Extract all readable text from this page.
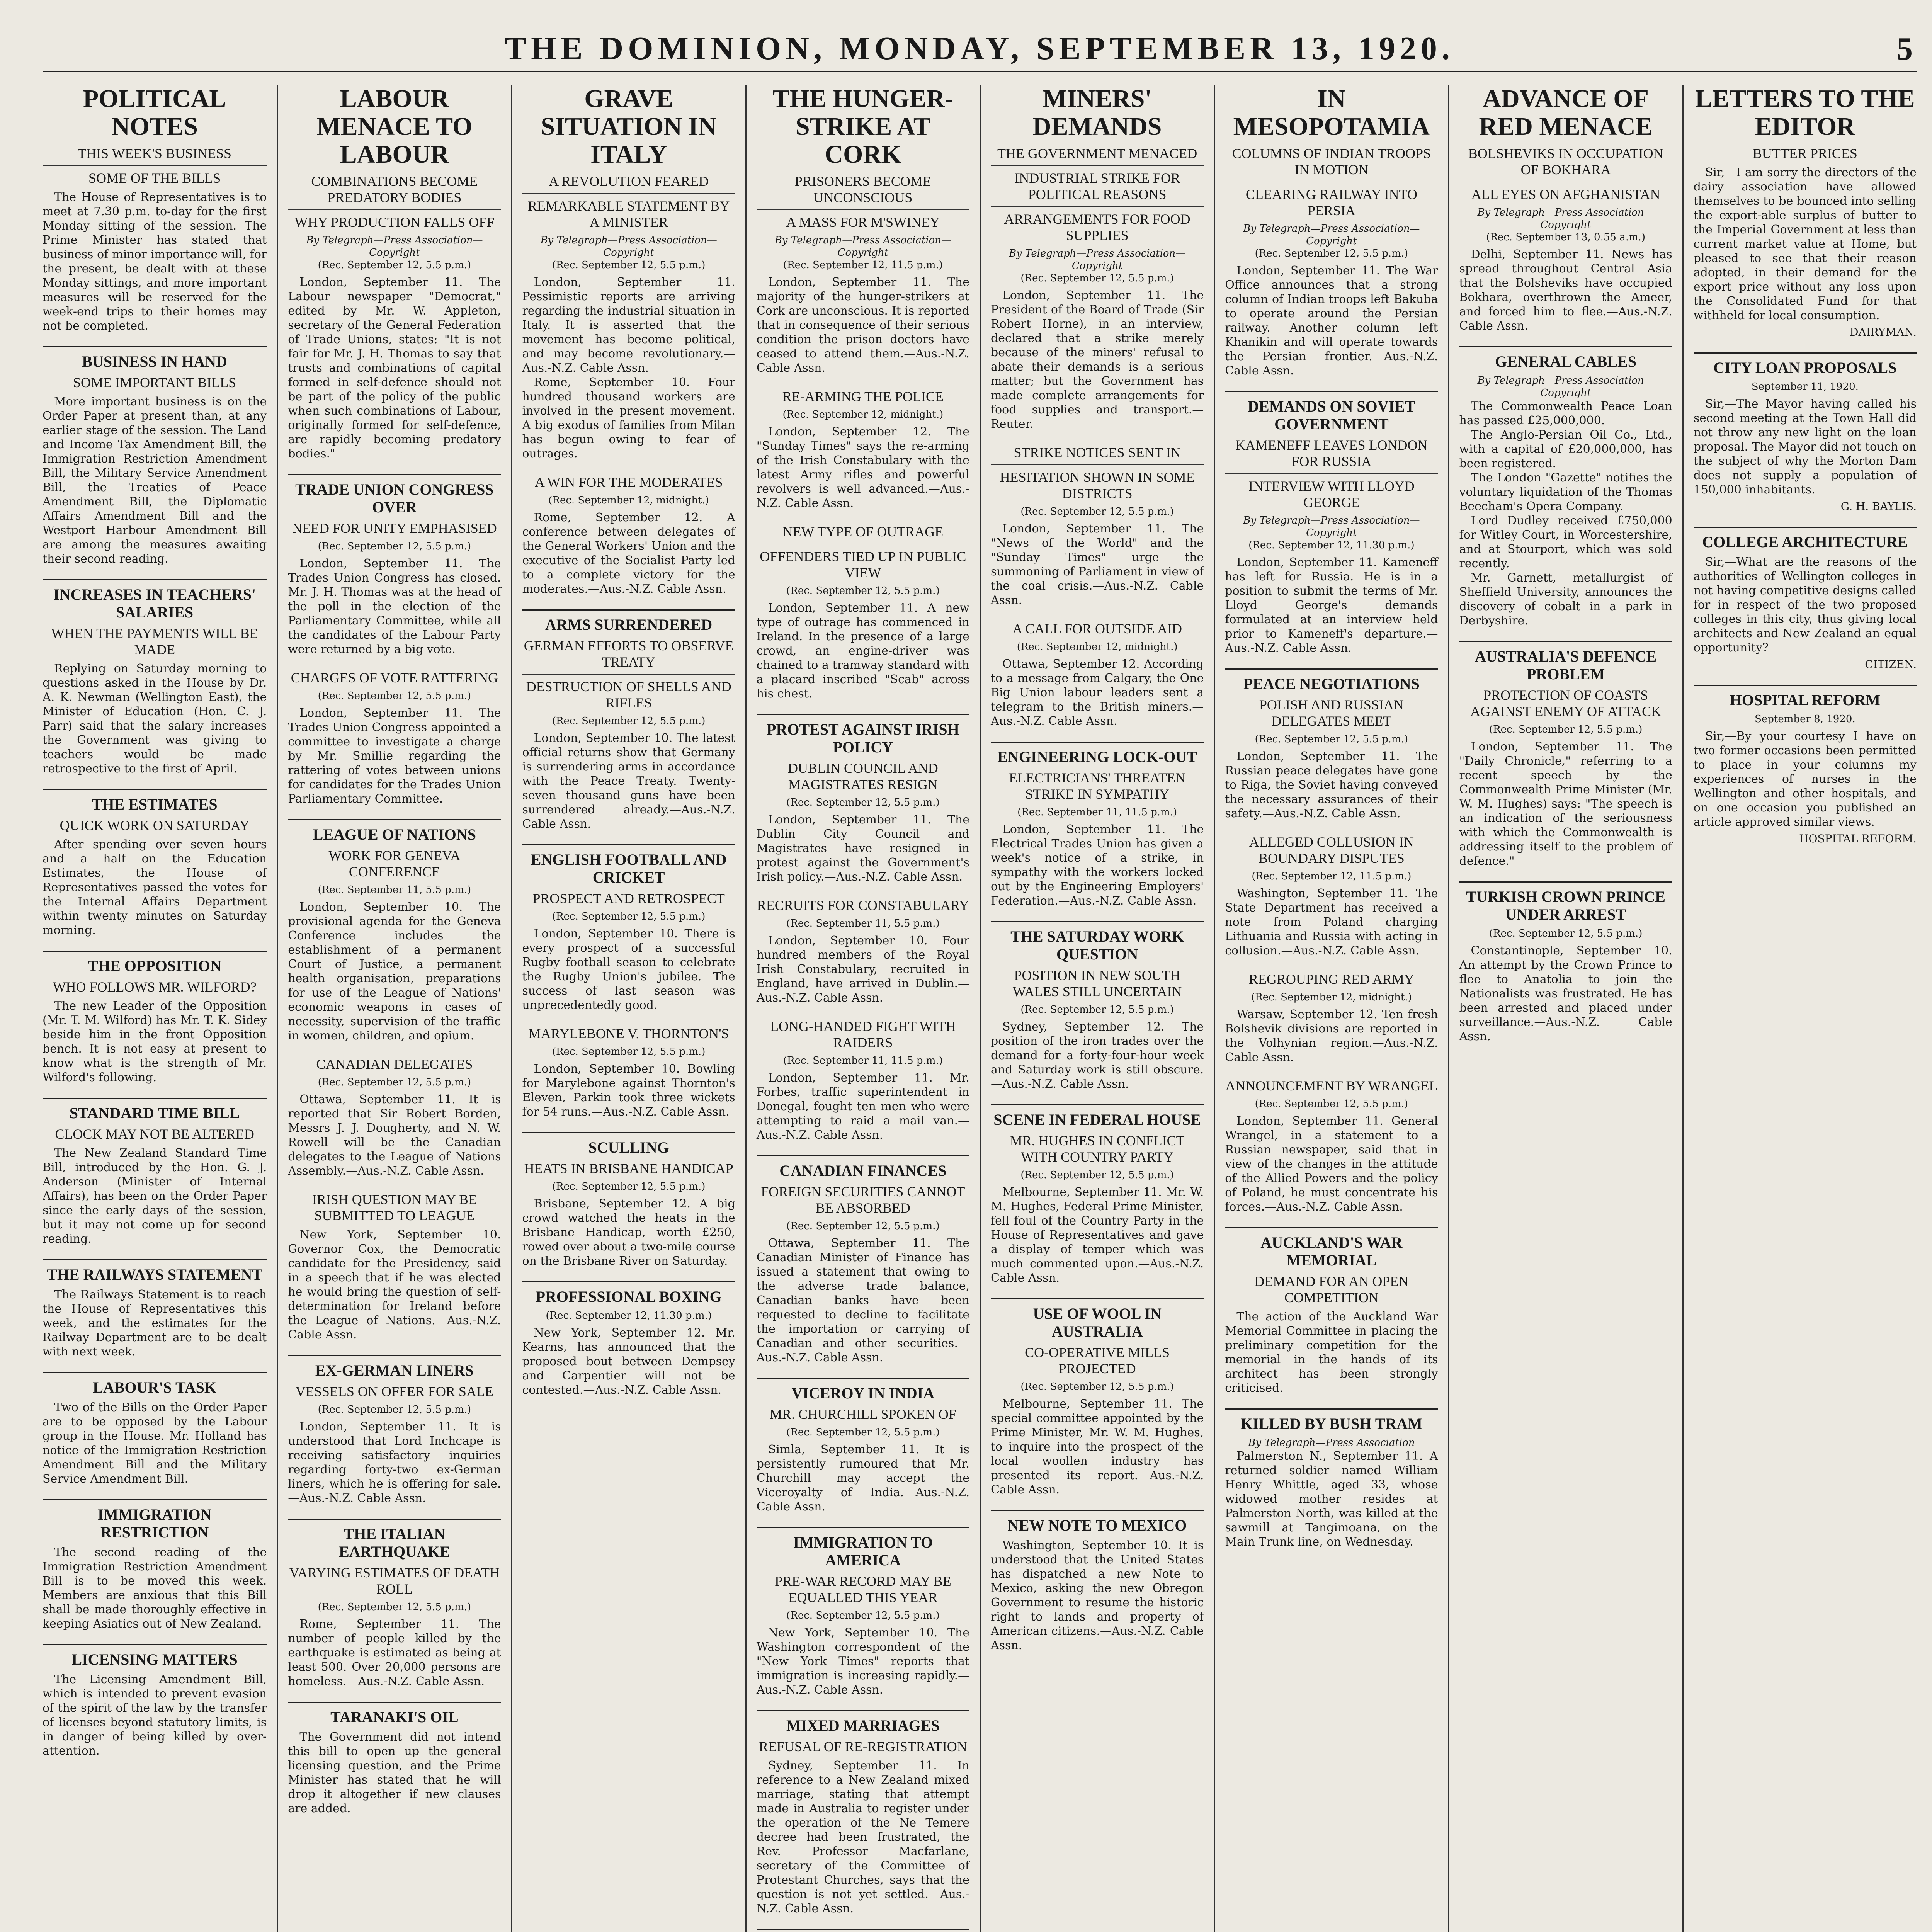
THE DOMINION, MONDAY, SEPTEMBER 13, 1920.	5
POLITICAL NOTES
THIS WEEK'S BUSINESS
SOME OF THE BILLS

The House of Representatives is to meet at 7.30 p.m. to-day for the first Monday sitting of the session. The Prime Minister has stated that business of minor importance will, for the present, be dealt with at these Monday sittings, and more important measures will be reserved for the week-end trips to their homes may not be completed.

BUSINESS IN HAND
SOME IMPORTANT BILLS

More important business is on the Order Paper at present than, at any earlier stage of the session. The Land and Income Tax Amendment Bill, the Immigration Restriction Amendment Bill, the Military Service Amendment Bill, the Treaties of Peace Amendment Bill, the Diplomatic Affairs Amendment Bill and the Westport Harbour Amendment Bill are among the measures awaiting their second reading.

INCREASES IN TEACHERS' SALARIES
WHEN THE PAYMENTS WILL BE MADE

Replying on Saturday morning to questions asked in the House by Dr. A. K. Newman (Wellington East), the Minister of Education (Hon. C. J. Parr) said that the salary increases the Government was giving to teachers would be made retrospective to the first of April.

THE ESTIMATES
QUICK WORK ON SATURDAY

After spending over seven hours and a half on the Education Estimates, the House of Representatives passed the votes for the Internal Affairs Department within twenty minutes on Saturday morning.

THE OPPOSITION
WHO FOLLOWS MR. WILFORD?

The new Leader of the Opposition (Mr. T. M. Wilford) has Mr. T. K. Sidey beside him in the front Opposition bench. It is not easy at present to know what is the strength of Mr. Wilford's following.

STANDARD TIME BILL
CLOCK MAY NOT BE ALTERED

The New Zealand Standard Time Bill, introduced by the Hon. G. J. Anderson (Minister of Internal Affairs), has been on the Order Paper since the early days of the session, but it may not come up for second reading.

THE RAILWAYS STATEMENT

The Railways Statement is to reach the House of Representatives this week, and the estimates for the Railway Department are to be dealt with next week.

LABOUR'S TASK

Two of the Bills on the Order Paper are to be opposed by the Labour group in the House. Mr. Holland has notice of the Immigration Restriction Amendment Bill and the Military Service Amendment Bill.

IMMIGRATION RESTRICTION

The second reading of the Immigration Restriction Amendment Bill is to be moved this week. Members are anxious that this Bill shall be made thoroughly effective in keeping Asiatics out of New Zealand.

LICENSING MATTERS

The Licensing Amendment Bill, which is intended to prevent evasion of the spirit of the law by the transfer of licenses beyond statutory limits, is in danger of being killed by over-attention.

LABOUR MENACE TO LABOUR
COMBINATIONS BECOME PREDATORY BODIES
WHY PRODUCTION FALLS OFF
By Telegraph—Press Association—Copyright
(Rec. September 12, 5.5 p.m.)

London, September 11. The Labour newspaper "Democrat," edited by Mr. W. Appleton, secretary of the General Federation of Trade Unions, states: "It is not fair for Mr. J. H. Thomas to say that trusts and combinations of capital formed in self-defence should not be part of the policy of the public when such combinations of Labour, originally formed for self-defence, are rapidly becoming predatory bodies."

TRADE UNION CONGRESS OVER
NEED FOR UNITY EMPHASISED
(Rec. September 12, 5.5 p.m.)

London, September 11. The Trades Union Congress has closed. Mr. J. H. Thomas was at the head of the poll in the election of the Parliamentary Committee, while all the candidates of the Labour Party were returned by a big vote.

CHARGES OF VOTE RATTERING
(Rec. September 12, 5.5 p.m.)

London, September 11. The Trades Union Congress appointed a committee to investigate a charge by Mr. Smillie regarding the rattering of votes between unions for candidates for the Trades Union Parliamentary Committee.

LEAGUE OF NATIONS
WORK FOR GENEVA CONFERENCE
(Rec. September 11, 5.5 p.m.)

London, September 10. The provisional agenda for the Geneva Conference includes the establishment of a permanent Court of Justice, a permanent health organisation, preparations for use of the League of Nations' economic weapons in cases of necessity, supervision of the traffic in women, children, and opium.

CANADIAN DELEGATES
(Rec. September 12, 5.5 p.m.)

Ottawa, September 11. It is reported that Sir Robert Borden, Messrs J. J. Dougherty, and N. W. Rowell will be the Canadian delegates to the League of Nations Assembly.—Aus.-N.Z. Cable Assn.

IRISH QUESTION MAY BE SUBMITTED TO LEAGUE

New York, September 10. Governor Cox, the Democratic candidate for the Presidency, said in a speech that if he was elected he would bring the question of self-determination for Ireland before the League of Nations.—Aus.-N.Z. Cable Assn.

EX-GERMAN LINERS
VESSELS ON OFFER FOR SALE
(Rec. September 12, 5.5 p.m.)

London, September 11. It is understood that Lord Inchcape is receiving satisfactory inquiries regarding forty-two ex-German liners, which he is offering for sale.—Aus.-N.Z. Cable Assn.

THE ITALIAN EARTHQUAKE
VARYING ESTIMATES OF DEATH ROLL
(Rec. September 12, 5.5 p.m.)

Rome, September 11. The number of people killed by the earthquake is estimated as being at least 500. Over 20,000 persons are homeless.—Aus.-N.Z. Cable Assn.

TARANAKI'S OIL

The Government did not intend this bill to open up the general licensing question, and the Prime Minister has stated that he will drop it altogether if new clauses are added.

GRAVE SITUATION IN ITALY
A REVOLUTION FEARED
REMARKABLE STATEMENT BY A MINISTER
By Telegraph—Press Association—Copyright
(Rec. September 12, 5.5 p.m.)

London, September 11. Pessimistic reports are arriving regarding the industrial situation in Italy. It is asserted that the movement has become political, and may become revolutionary.—Aus.-N.Z. Cable Assn.

Rome, September 10. Four hundred thousand workers are involved in the present movement. A big exodus of families from Milan has begun owing to fear of outrages.

A WIN FOR THE MODERATES
(Rec. September 12, midnight.)

Rome, September 12. A conference between delegates of the General Workers' Union and the executive of the Socialist Party led to a complete victory for the moderates.—Aus.-N.Z. Cable Assn.

ARMS SURRENDERED
GERMAN EFFORTS TO OBSERVE TREATY
DESTRUCTION OF SHELLS AND RIFLES
(Rec. September 12, 5.5 p.m.)

London, September 10. The latest official returns show that Germany is surrendering arms in accordance with the Peace Treaty. Twenty-seven thousand guns have been surrendered already.—Aus.-N.Z. Cable Assn.

ENGLISH FOOTBALL AND CRICKET
PROSPECT AND RETROSPECT
(Rec. September 12, 5.5 p.m.)

London, September 10. There is every prospect of a successful Rugby football season to celebrate the Rugby Union's jubilee. The success of last season was unprecedentedly good.

MARYLEBONE V. THORNTON'S
(Rec. September 12, 5.5 p.m.)

London, September 10. Bowling for Marylebone against Thornton's Eleven, Parkin took three wickets for 54 runs.—Aus.-N.Z. Cable Assn.

SCULLING
HEATS IN BRISBANE HANDICAP
(Rec. September 12, 5.5 p.m.)

Brisbane, September 12. A big crowd watched the heats in the Brisbane Handicap, worth £250, rowed over about a two-mile course on the Brisbane River on Saturday.

PROFESSIONAL BOXING
(Rec. September 12, 11.30 p.m.)

New York, September 12. Mr. Kearns, has announced that the proposed bout between Dempsey and Carpentier will not be contested.—Aus.-N.Z. Cable Assn.

THE HUNGER-STRIKE AT CORK
PRISONERS BECOME UNCONSCIOUS
A MASS FOR M'SWINEY
By Telegraph—Press Association—Copyright
(Rec. September 12, 11.5 p.m.)

London, September 11. The majority of the hunger-strikers at Cork are unconscious. It is reported that in consequence of their serious condition the prison doctors have ceased to attend them.—Aus.-N.Z. Cable Assn.

RE-ARMING THE POLICE
(Rec. September 12, midnight.)

London, September 12. The "Sunday Times" says the re-arming of the Irish Constabulary with the latest Army rifles and powerful revolvers is well advanced.—Aus.-N.Z. Cable Assn.

NEW TYPE OF OUTRAGE
OFFENDERS TIED UP IN PUBLIC VIEW
(Rec. September 12, 5.5 p.m.)

London, September 11. A new type of outrage has commenced in Ireland. In the presence of a large crowd, an engine-driver was chained to a tramway standard with a placard inscribed "Scab" across his chest.

PROTEST AGAINST IRISH POLICY
DUBLIN COUNCIL AND MAGISTRATES RESIGN
(Rec. September 12, 5.5 p.m.)

London, September 11. The Dublin City Council and Magistrates have resigned in protest against the Government's Irish policy.—Aus.-N.Z. Cable Assn.

RECRUITS FOR CONSTABULARY
(Rec. September 11, 5.5 p.m.)

London, September 10. Four hundred members of the Royal Irish Constabulary, recruited in England, have arrived in Dublin.—Aus.-N.Z. Cable Assn.

LONG-HANDED FIGHT WITH RAIDERS
(Rec. September 11, 11.5 p.m.)

London, September 11. Mr. Forbes, traffic superintendent in Donegal, fought ten men who were attempting to raid a mail van.—Aus.-N.Z. Cable Assn.

CANADIAN FINANCES
FOREIGN SECURITIES CANNOT BE ABSORBED
(Rec. September 12, 5.5 p.m.)

Ottawa, September 11. The Canadian Minister of Finance has issued a statement that owing to the adverse trade balance, Canadian banks have been requested to decline to facilitate the importation or carrying of Canadian and other securities.—Aus.-N.Z. Cable Assn.

VICEROY IN INDIA
MR. CHURCHILL SPOKEN OF
(Rec. September 12, 5.5 p.m.)

Simla, September 11. It is persistently rumoured that Mr. Churchill may accept the Viceroyalty of India.—Aus.-N.Z. Cable Assn.

IMMIGRATION TO AMERICA
PRE-WAR RECORD MAY BE EQUALLED THIS YEAR
(Rec. September 12, 5.5 p.m.)

New York, September 10. The Washington correspondent of the "New York Times" reports that immigration is increasing rapidly.—Aus.-N.Z. Cable Assn.

MIXED MARRIAGES
REFUSAL OF RE-REGISTRATION

Sydney, September 11. In reference to a New Zealand mixed marriage, stating that attempt made in Australia to register under the operation of the Ne Temere decree had been frustrated, the Rev. Professor Macfarlane, secretary of the Committee of Protestant Churches, says that the question is not yet settled.—Aus.-N.Z. Cable Assn.

MINERS' DEMANDS
THE GOVERNMENT MENACED
INDUSTRIAL STRIKE FOR POLITICAL REASONS
ARRANGEMENTS FOR FOOD SUPPLIES
By Telegraph—Press Association—Copyright
(Rec. September 12, 5.5 p.m.)

London, September 11. The President of the Board of Trade (Sir Robert Horne), in an interview, declared that a strike merely because of the miners' refusal to abate their demands is a serious matter; but the Government has made complete arrangements for food supplies and transport.—Reuter.

STRIKE NOTICES SENT IN
HESITATION SHOWN IN SOME DISTRICTS
(Rec. September 12, 5.5 p.m.)

London, September 11. The "News of the World" and the "Sunday Times" urge the summoning of Parliament in view of the coal crisis.—Aus.-N.Z. Cable Assn.

A CALL FOR OUTSIDE AID
(Rec. September 12, midnight.)

Ottawa, September 12. According to a message from Calgary, the One Big Union labour leaders sent a telegram to the British miners.—Aus.-N.Z. Cable Assn.

ENGINEERING LOCK-OUT
ELECTRICIANS' THREATEN STRIKE IN SYMPATHY
(Rec. September 11, 11.5 p.m.)

London, September 11. The Electrical Trades Union has given a week's notice of a strike, in sympathy with the workers locked out by the Engineering Employers' Federation.—Aus.-N.Z. Cable Assn.

THE SATURDAY WORK QUESTION
POSITION IN NEW SOUTH WALES STILL UNCERTAIN
(Rec. September 12, 5.5 p.m.)

Sydney, September 12. The position of the iron trades over the demand for a forty-four-hour week and Saturday work is still obscure.—Aus.-N.Z. Cable Assn.

SCENE IN FEDERAL HOUSE
MR. HUGHES IN CONFLICT WITH COUNTRY PARTY
(Rec. September 12, 5.5 p.m.)

Melbourne, September 11. Mr. W. M. Hughes, Federal Prime Minister, fell foul of the Country Party in the House of Representatives and gave a display of temper which was much commented upon.—Aus.-N.Z. Cable Assn.

USE OF WOOL IN AUSTRALIA
CO-OPERATIVE MILLS PROJECTED
(Rec. September 12, 5.5 p.m.)

Melbourne, September 11. The special committee appointed by the Prime Minister, Mr. W. M. Hughes, to inquire into the prospect of the local woollen industry has presented its report.—Aus.-N.Z. Cable Assn.

NEW NOTE TO MEXICO

Washington, September 10. It is understood that the United States has dispatched a new Note to Mexico, asking the new Obregon Government to resume the historic right to lands and property of American citizens.—Aus.-N.Z. Cable Assn.

IN MESOPOTAMIA
COLUMNS OF INDIAN TROOPS IN MOTION
CLEARING RAILWAY INTO PERSIA
By Telegraph—Press Association—Copyright
(Rec. September 12, 5.5 p.m.)

London, September 11. The War Office announces that a strong column of Indian troops left Bakuba to operate around the Persian railway. Another column left Khanikin and will operate towards the Persian frontier.—Aus.-N.Z. Cable Assn.

DEMANDS ON SOVIET GOVERNMENT
KAMENEFF LEAVES LONDON FOR RUSSIA
INTERVIEW WITH LLOYD GEORGE
By Telegraph—Press Association—Copyright
(Rec. September 12, 11.30 p.m.)

London, September 11. Kameneff has left for Russia. He is in a position to submit the terms of Mr. Lloyd George's demands formulated at an interview held prior to Kameneff's departure.—Aus.-N.Z. Cable Assn.

PEACE NEGOTIATIONS
POLISH AND RUSSIAN DELEGATES MEET
(Rec. September 12, 5.5 p.m.)

London, September 11. The Russian peace delegates have gone to Riga, the Soviet having conveyed the necessary assurances of their safety.—Aus.-N.Z. Cable Assn.

ALLEGED COLLUSION IN BOUNDARY DISPUTES
(Rec. September 12, 11.5 p.m.)

Washington, September 11. The State Department has received a note from Poland charging Lithuania and Russia with acting in collusion.—Aus.-N.Z. Cable Assn.

REGROUPING RED ARMY
(Rec. September 12, midnight.)

Warsaw, September 12. Ten fresh Bolshevik divisions are reported in the Volhynian region.—Aus.-N.Z. Cable Assn.

ANNOUNCEMENT BY WRANGEL
(Rec. September 12, 5.5 p.m.)

London, September 11. General Wrangel, in a statement to a Russian newspaper, said that in view of the changes in the attitude of the Allied Powers and the policy of Poland, he must concentrate his forces.—Aus.-N.Z. Cable Assn.

AUCKLAND'S WAR MEMORIAL
DEMAND FOR AN OPEN COMPETITION

The action of the Auckland War Memorial Committee in placing the preliminary competition for the memorial in the hands of its architect has been strongly criticised.

KILLED BY BUSH TRAM
By Telegraph—Press Association

Palmerston N., September 11. A returned soldier named William Henry Whittle, aged 33, whose widowed mother resides at Palmerston North, was killed at the sawmill at Tangimoana, on the Main Trunk line, on Wednesday.

ADVANCE OF RED MENACE
BOLSHEVIKS IN OCCUPATION OF BOKHARA
ALL EYES ON AFGHANISTAN
By Telegraph—Press Association—Copyright
(Rec. September 13, 0.55 a.m.)

Delhi, September 11. News has spread throughout Central Asia that the Bolsheviks have occupied Bokhara, overthrown the Ameer, and forced him to flee.—Aus.-N.Z. Cable Assn.

GENERAL CABLES
By Telegraph—Press Association—Copyright

The Commonwealth Peace Loan has passed £25,000,000.

The Anglo-Persian Oil Co., Ltd., with a capital of £20,000,000, has been registered.

The London "Gazette" notifies the voluntary liquidation of the Thomas Beecham's Opera Company.

Lord Dudley received £750,000 for Witley Court, in Worcestershire, and at Stourport, which was sold recently.

Mr. Garnett, metallurgist of Sheffield University, announces the discovery of cobalt in a park in Derbyshire.

AUSTRALIA'S DEFENCE PROBLEM
PROTECTION OF COASTS AGAINST ENEMY OF ATTACK
(Rec. September 12, 5.5 p.m.)

London, September 11. The "Daily Chronicle," referring to a recent speech by the Commonwealth Prime Minister (Mr. W. M. Hughes) says: "The speech is an indication of the seriousness with which the Commonwealth is addressing itself to the problem of defence."

TURKISH CROWN PRINCE UNDER ARREST
(Rec. September 12, 5.5 p.m.)

Constantinople, September 10. An attempt by the Crown Prince to flee to Anatolia to join the Nationalists was frustrated. He has been arrested and placed under surveillance.—Aus.-N.Z. Cable Assn.

LETTERS TO THE EDITOR
BUTTER PRICES

Sir,—I am sorry the directors of the dairy association have allowed themselves to be bounced into selling the export-able surplus of butter to the Imperial Government at less than current market value at Home, but pleased to see that their reason adopted, in their demand for the export price without any loss upon the Consolidated Fund for that withheld for local consumption.

DAIRYMAN.
CITY LOAN PROPOSALS
September 11, 1920.

Sir,—The Mayor having called his second meeting at the Town Hall did not throw any new light on the loan proposal. The Mayor did not touch on the subject of why the Morton Dam does not supply a population of 150,000 inhabitants.

G. H. BAYLIS.
COLLEGE ARCHITECTURE

Sir,—What are the reasons of the authorities of Wellington colleges in not having competitive designs called for in respect of the two proposed colleges in this city, thus giving local architects and New Zealand an equal opportunity?

CITIZEN.
HOSPITAL REFORM
September 8, 1920.

Sir,—By your courtesy I have on two former occasions been permitted to place in your columns my experiences of nurses in the Wellington and other hospitals, and on one occasion you published an article approved similar views.

HOSPITAL REFORM.
